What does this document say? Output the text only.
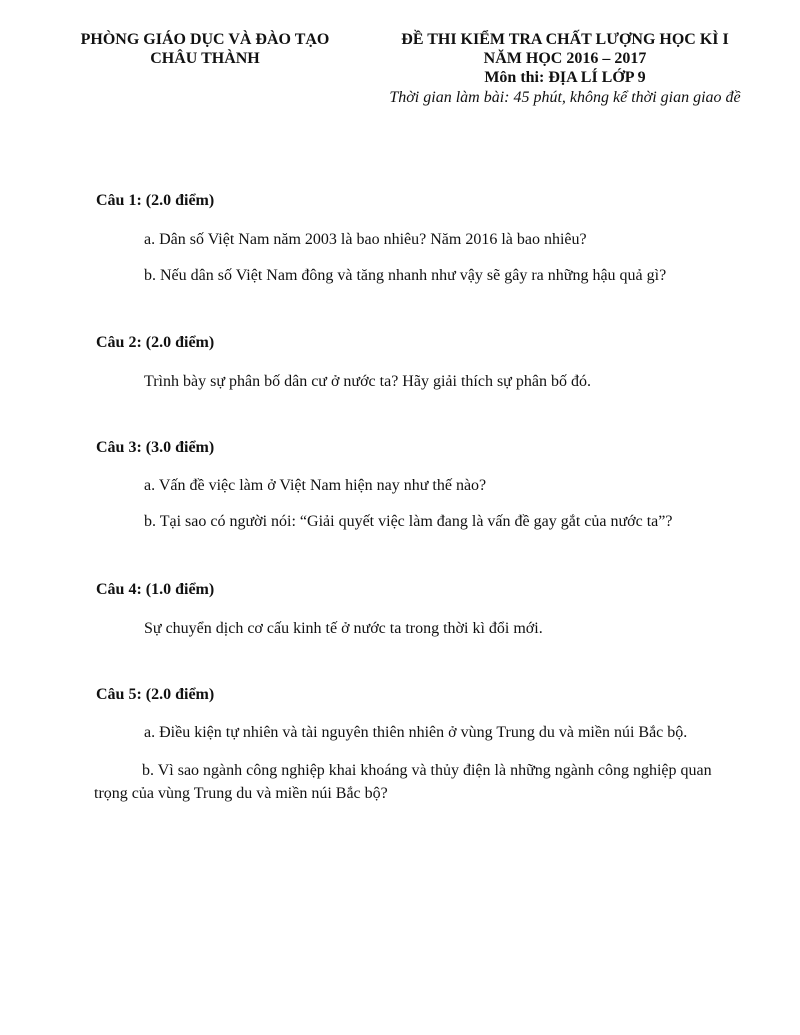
PHÒNG GIÁO DỤC VÀ ĐÀO TẠO
CHÂU THÀNH
ĐỀ THI KIỂM TRA CHẤT LƯỢNG HỌC KÌ I
NĂM HỌC 2016 – 2017
Môn thi: ĐỊA LÍ LỚP 9
Thời gian làm bài: 45 phút, không kể thời gian giao đề

Câu 1: (2.0 điểm)

a. Dân số Việt Nam năm 2003 là bao nhiêu? Năm 2016 là bao nhiêu?

b. Nếu dân số Việt Nam đông và tăng nhanh như vậy sẽ gây ra những hậu quả gì?

Câu 2: (2.0 điểm)

Trình bày sự phân bố dân cư ở nước ta? Hãy giải thích sự phân bố đó.

Câu 3: (3.0 điểm)

a. Vấn đề việc làm ở Việt Nam hiện nay như thế nào?

b. Tại sao có người nói: “Giải quyết việc làm đang là vấn đề gay gắt của nước ta”?

Câu 4: (1.0 điểm)

Sự chuyển dịch cơ cấu kinh tế ở nước ta trong thời kì đổi mới.

Câu 5: (2.0 điểm)

a. Điều kiện tự nhiên và tài nguyên thiên nhiên ở vùng Trung du và miền núi Bắc bộ.

b. Vì sao ngành công nghiệp khai khoáng và thủy điện là những ngành công nghiệp quan trọng của vùng Trung du và miền núi Bắc bộ?
